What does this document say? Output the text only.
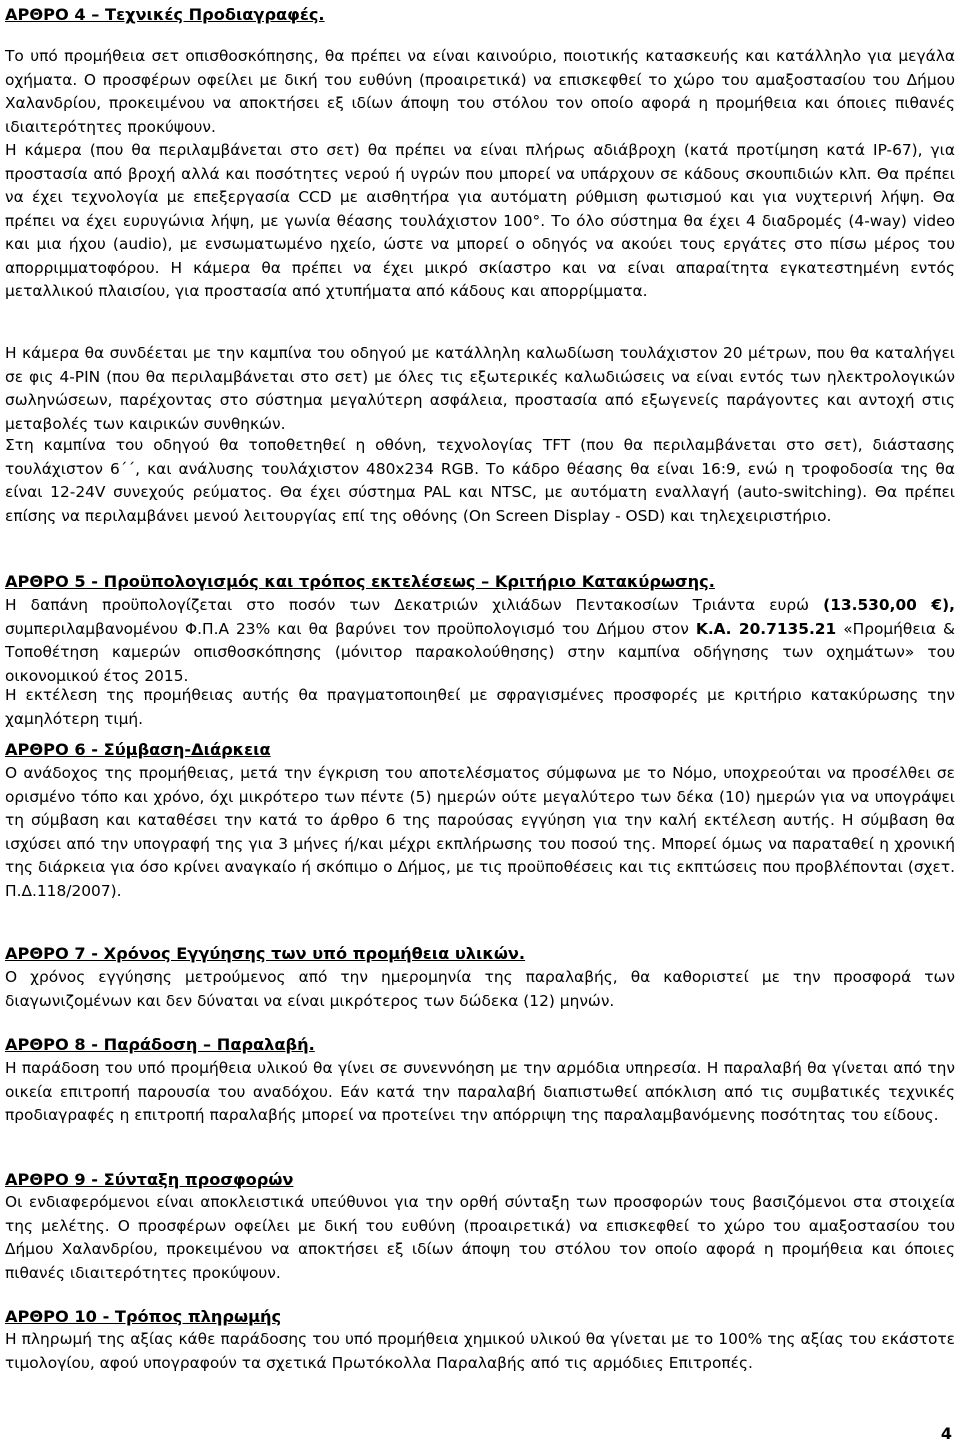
ΑΡΘΡΟ 4 – Τεχνικές Προδιαγραφές.
Το υπό προμήθεια σετ οπισθοσκόπησης, θα πρέπει να είναι καινούριο, ποιοτικής κατασκευής και κατάλληλο για μεγάλα οχήματα. Ο προσφέρων οφείλει με δική του ευθύνη (προαιρετικά) να επισκεφθεί το χώρο του αμαξοστασίου του Δήμου Χαλανδρίου, προκειμένου να αποκτήσει εξ ιδίων άποψη του στόλου τον οποίο αφορά η προμήθεια και όποιες πιθανές ιδιαιτερότητες προκύψουν.
Η κάμερα (που θα περιλαμβάνεται στο σετ) θα πρέπει να είναι πλήρως αδιάβροχη (κατά προτίμηση κατά IP-67), για προστασία από βροχή αλλά και ποσότητες νερού ή υγρών που μπορεί να υπάρχουν σε κάδους σκουπιδιών κλπ. Θα πρέπει να έχει τεχνολογία με επεξεργασία CCD με αισθητήρα για αυτόματη ρύθμιση φωτισμού και για νυχτερινή λήψη. Θα πρέπει να έχει ευρυγώνια λήψη, με γωνία θέασης τουλάχιστον 100°. Το όλο σύστημα θα έχει 4 διαδρομές (4-way) video και μια ήχου (audio), με ενσωματωμένο ηχείο, ώστε να μπορεί ο οδηγός να ακούει τους εργάτες στο πίσω μέρος του απορριμματοφόρου. Η κάμερα θα πρέπει να έχει μικρό σκίαστρο και να είναι απαραίτητα εγκατεστημένη εντός μεταλλικού πλαισίου, για προστασία από χτυπήματα από κάδους και απορρίμματα.
Η κάμερα θα συνδέεται με την καμπίνα του οδηγού με κατάλληλη καλωδίωση τουλάχιστον 20 μέτρων, που θα καταλήγει σε φις 4-PIN (που θα περιλαμβάνεται στο σετ) με όλες τις εξωτερικές καλωδιώσεις να είναι εντός των ηλεκτρολογικών σωληνώσεων, παρέχοντας στο σύστημα μεγαλύτερη ασφάλεια, προστασία από εξωγενείς παράγοντες και αντοχή στις μεταβολές των καιρικών συνθηκών.
Στη καμπίνα του οδηγού θα τοποθετηθεί η οθόνη, τεχνολογίας TFT (που θα περιλαμβάνεται στο σετ), διάστασης τουλάχιστον 6΄΄, και ανάλυσης τουλάχιστον 480x234 RGB. Το κάδρο θέασης θα είναι 16:9, ενώ η τροφοδοσία της θα είναι 12-24V συνεχούς ρεύματος. Θα έχει σύστημα PAL και NTSC, με αυτόματη εναλλαγή (auto-switching). Θα πρέπει επίσης να περιλαμβάνει μενού λειτουργίας επί της οθόνης (On Screen Display - OSD) και τηλεχειριστήριο.
ΑΡΘΡΟ 5 - Προϋπολογισμός και τρόπος εκτελέσεως – Κριτήριο Κατακύρωσης.
Η δαπάνη προϋπολογίζεται στο ποσόν των Δεκατριών χιλιάδων Πεντακοσίων Τριάντα ευρώ (13.530,00 €), συμπεριλαμβανομένου Φ.Π.Α 23% και θα βαρύνει τον προϋπολογισμό του Δήμου στον Κ.Α. 20.7135.21 «Προμήθεια & Τοποθέτηση καμερών οπισθοσκόπησης (μόνιτορ παρακολούθησης) στην καμπίνα οδήγησης των οχημάτων» του οικονομικού έτος 2015.
Η εκτέλεση της προμήθειας αυτής θα πραγματοποιηθεί με σφραγισμένες προσφορές με κριτήριο κατακύρωσης την χαμηλότερη τιμή.
ΑΡΘΡΟ 6 - Σύμβαση-Διάρκεια
Ο ανάδοχος της προμήθειας, μετά την έγκριση του αποτελέσματος σύμφωνα με το Νόμο, υποχρεούται να προσέλθει σε ορισμένο τόπο και χρόνο, όχι μικρότερο των πέντε (5) ημερών ούτε μεγαλύτερο των δέκα (10) ημερών για να υπογράψει τη σύμβαση και καταθέσει την κατά το άρθρο 6 της παρούσας εγγύηση για την καλή εκτέλεση αυτής. Η σύμβαση θα ισχύσει από την υπογραφή της για 3 μήνες ή/και μέχρι εκπλήρωσης του ποσού της. Μπορεί όμως να παραταθεί η χρονική της διάρκεια για όσο κρίνει αναγκαίο ή σκόπιμο ο Δήμος, με τις προϋποθέσεις και τις εκπτώσεις που προβλέπονται (σχετ. Π.Δ.118/2007).
ΑΡΘΡΟ 7 - Χρόνος Εγγύησης των υπό προμήθεια υλικών.
Ο χρόνος εγγύησης μετρούμενος από την ημερομηνία της παραλαβής, θα καθοριστεί με την προσφορά των διαγωνιζομένων και δεν δύναται να είναι μικρότερος των δώδεκα (12) μηνών.
ΑΡΘΡΟ 8 - Παράδοση – Παραλαβή.
Η παράδοση του υπό προμήθεια υλικού θα γίνει σε συνεννόηση με την αρμόδια υπηρεσία. Η παραλαβή θα γίνεται από την οικεία επιτροπή παρουσία του αναδόχου. Εάν κατά την παραλαβή διαπιστωθεί απόκλιση από τις συμβατικές τεχνικές προδιαγραφές η επιτροπή παραλαβής μπορεί να προτείνει την απόρριψη της παραλαμβανόμενης ποσότητας του είδους.
ΑΡΘΡΟ 9 - Σύνταξη προσφορών
Οι ενδιαφερόμενοι είναι αποκλειστικά υπεύθυνοι για την ορθή σύνταξη των προσφορών τους βασιζόμενοι στα στοιχεία της μελέτης. Ο προσφέρων οφείλει με δική του ευθύνη (προαιρετικά) να επισκεφθεί το χώρο του αμαξοστασίου του Δήμου Χαλανδρίου, προκειμένου να αποκτήσει εξ ιδίων άποψη του στόλου τον οποίο αφορά η προμήθεια και όποιες πιθανές ιδιαιτερότητες προκύψουν.
ΑΡΘΡΟ 10 - Τρόπος πληρωμής
Η πληρωμή της αξίας κάθε παράδοσης του υπό προμήθεια χημικού υλικού θα γίνεται με το 100% της αξίας του εκάστοτε τιμολογίου, αφού υπογραφούν τα σχετικά Πρωτόκολλα Παραλαβής από τις αρμόδιες Επιτροπές.
4
